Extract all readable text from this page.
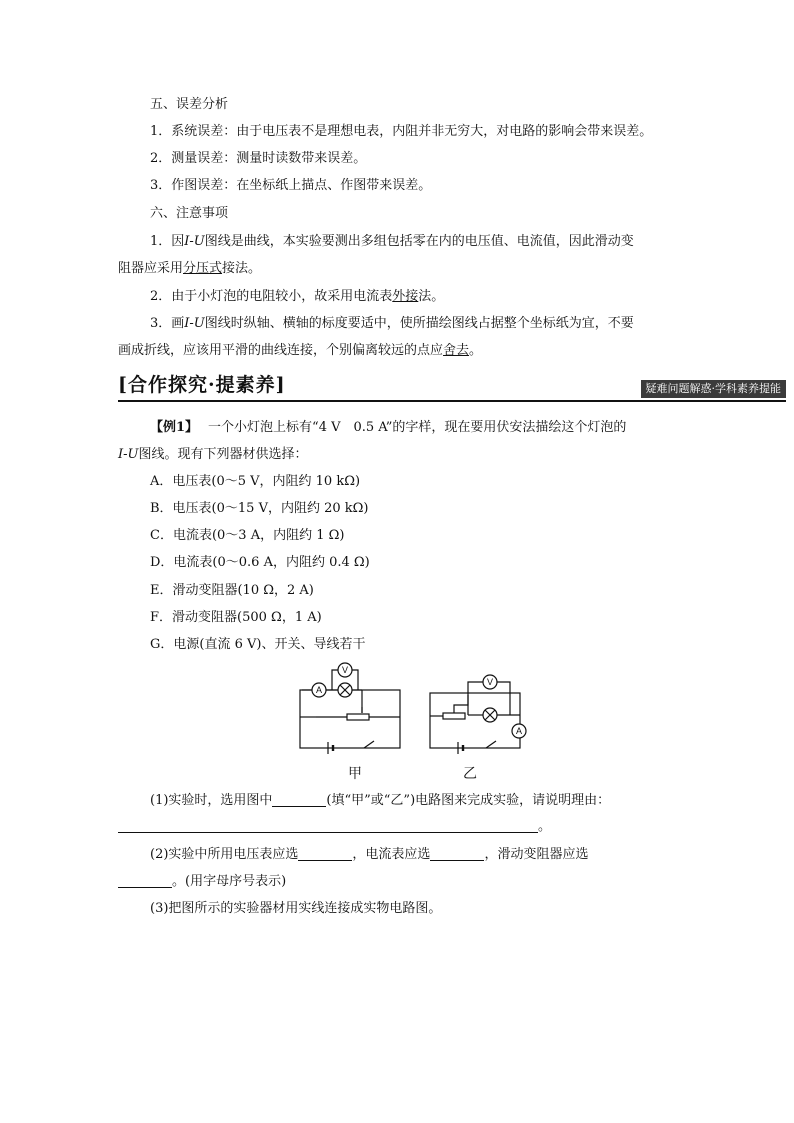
五、误差分析
1．系统误差：由于电压表不是理想电表，内阻并非无穷大，对电路的影响会带来误差。
2．测量误差：测量时读数带来误差。
3．作图误差：在坐标纸上描点、作图带来误差。
六、注意事项
1．因I-U图线是曲线，本实验要测出多组包括零在内的电压值、电流值，因此滑动变
阻器应采用分压式接法。
2．由于小灯泡的电阻较小，故采用电流表外接法。
3．画I-U图线时纵轴、横轴的标度要适中，使所描绘图线占据整个坐标纸为宜，不要
画成折线，应该用平滑的曲线连接，个别偏离较远的点应舍去。
[合作探究·提素养]	疑难问题解惑·学科素养提能
【例1】 一个小灯泡上标有“4 V　0.5 A”的字样，现在要用伏安法描绘这个灯泡的
I-U图线。现有下列器材供选择：
A．电压表(0～5 V，内阻约 10 kΩ)
B．电压表(0～15 V，内阻约 20 kΩ)
C．电流表(0～3 A，内阻约 1 Ω)
D．电流表(0～0.6 A，内阻约 0.4 Ω)
E．滑动变阻器(10 Ω，2 A)
F．滑动变阻器(500 Ω，1 A)
G．电源(直流 6 V)、开关、导线若干
A
V
V
A
甲	乙
(1)实验时，选用图中	(填“甲”或“乙”)电路图来完成实验，请说明理由：
。
(2)实验中所用电压表应选	，电流表应选	，滑动变阻器应选
。(用字母序号表示)
(3)把图所示的实验器材用实线连接成实物电路图。
